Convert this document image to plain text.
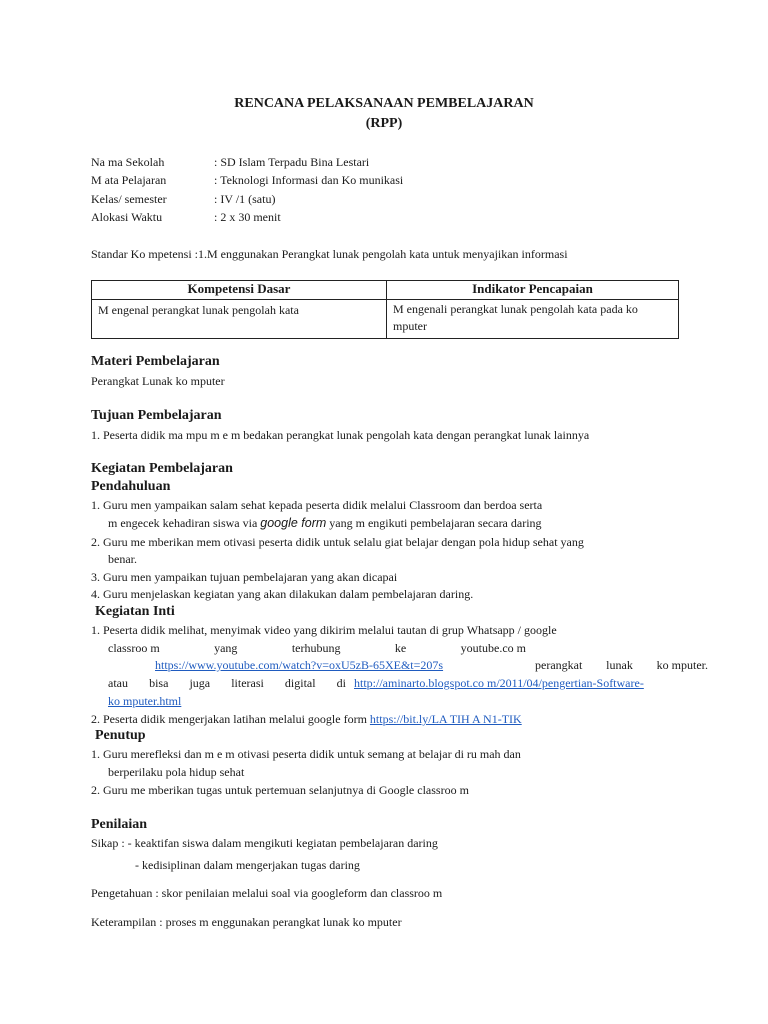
RENCANA PELAKSANAAN PEMBELAJARAN
(RPP)
Na ma Sekolah	: SD Islam Terpadu Bina Lestari
M ata Pelajaran	: Teknologi Informasi dan Ko munikasi
Kelas/ semester	: IV /1 (satu)
Alokasi Waktu	: 2 x 30 menit
Standar Ko mpetensi :1.M enggunakan Perangkat lunak pengolah kata untuk menyajikan informasi
Kompetensi Dasar	Indikator Pencapaian
M engenal perangkat lunak pengolah kata	M engenali perangkat lunak pengolah kata pada ko mputer
Materi Pembelajaran
Perangkat Lunak ko mputer
Tujuan Pembelajaran
1. Peserta didik ma mpu m e m bedakan perangkat lunak pengolah kata dengan perangkat lunak lainnya
Kegiatan Pembelajaran
Pendahuluan
1. Guru men yampaikan salam sehat kepada peserta didik melalui Classroom dan berdoa serta
m engecek kehadiran siswa via google form yang m engikuti pembelajaran secara daring
2. Guru me mberikan mem otivasi peserta didik untuk selalu giat belajar dengan pola hidup sehat yang
benar.
3. Guru men yampaikan tujuan pembelajaran yang akan dicapai
4. Guru menjelaskan kegiatan yang akan dilakukan dalam pembelajaran daring.
Kegiatan Inti
1. Peserta didik melihat, menyimak video yang dikirim melalui tautan di grup Whatsapp / google
classroo m	yang	terhubung	ke	youtube.co m
https://www.youtube.com/watch?v=oxU5zB-65XE&t=207s	perangkat lunak ko mputer.
atau bisa juga literasi digital di http://aminarto.blogspot.co m/2011/04/pengertian-Software-
ko mputer.html
2. Peserta didik mengerjakan latihan melalui google form https://bit.ly/LA TIH A N1-TIK
Penutup
1. Guru merefleksi dan m e m otivasi peserta didik untuk semang at belajar di ru mah dan
berperilaku pola hidup sehat
2. Guru me mberikan tugas untuk pertemuan selanjutnya di Google classroo m
Penilaian
Sikap : - keaktifan siswa dalam mengikuti kegiatan pembelajaran daring
- kedisiplinan dalam mengerjakan tugas daring
Pengetahuan : skor penilaian melalui soal via googleform dan classroo m
Keterampilan : proses m enggunakan perangkat lunak ko mputer
